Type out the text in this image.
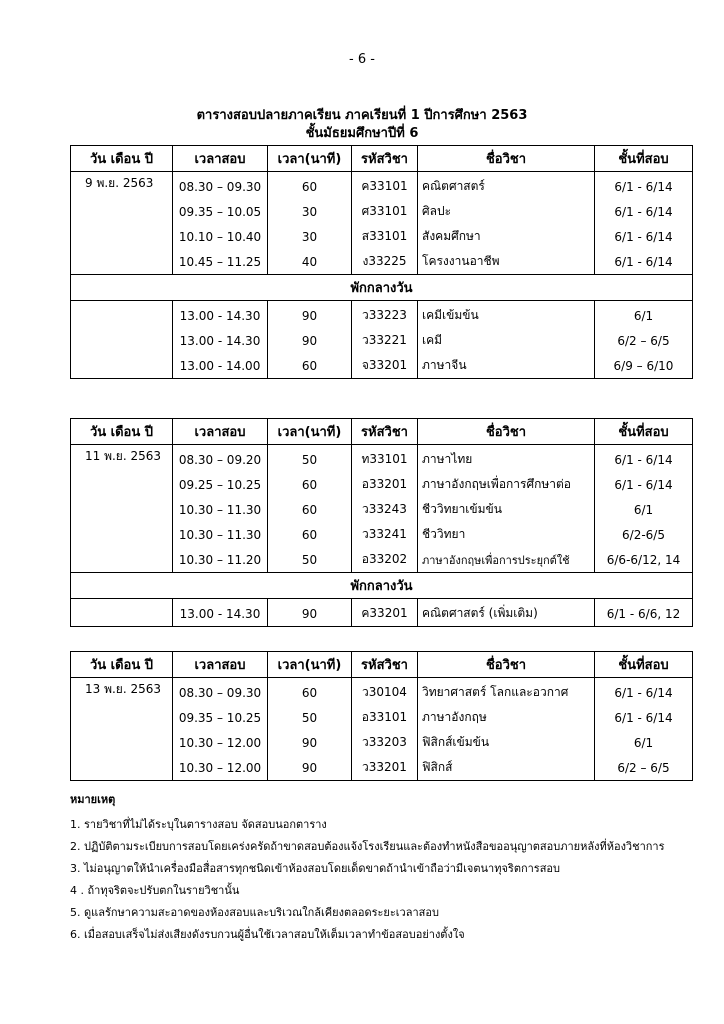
- 6 -
ตารางสอบปลายภาคเรียน ภาคเรียนที่ 1 ปีการศึกษา 2563
ชั้นมัธยมศึกษาปีที่ 6
วัน เดือน ปี	เวลาสอบ	เวลา(นาที)	รหัสวิชา	ชื่อวิชา	ชั้นที่สอบ
9 พ.ย. 2563	08.30 – 09.30	60	ค33101	คณิตศาสตร์	6/1 - 6/14
	09.35 – 10.05	30	ศ33101	ศิลปะ	6/1 - 6/14
	10.10 – 10.40	30	ส33101	สังคมศึกษา	6/1 - 6/14
	10.45 – 11.25	40	ง33225	โครงงานอาชีพ	6/1 - 6/14
พักกลางวัน					
	13.00 - 14.30	90	ว33223	เคมีเข้มข้น	6/1
	13.00 - 14.30	90	ว33221	เคมี	6/2 – 6/5
	13.00 - 14.00	60	จ33201	ภาษาจีน	6/9 – 6/10
วัน เดือน ปี	เวลาสอบ	เวลา(นาที)	รหัสวิชา	ชื่อวิชา	ชั้นที่สอบ
11 พ.ย. 2563	08.30 – 09.20	50	ท33101	ภาษาไทย	6/1 - 6/14
	09.25 – 10.25	60	อ33201	ภาษาอังกฤษเพื่อการศึกษาต่อ	6/1 - 6/14
	10.30 – 11.30	60	ว33243	ชีววิทยาเข้มข้น	6/1
	10.30 – 11.30	60	ว33241	ชีววิทยา	6/2-6/5
	10.30 – 11.20	50	อ33202	ภาษาอังกฤษเพื่อการประยุกต์ใช้	6/6-6/12, 14
พักกลางวัน					
	13.00 - 14.30	90	ค33201	คณิตศาสตร์ (เพิ่มเติม)	6/1 - 6/6, 12
วัน เดือน ปี	เวลาสอบ	เวลา(นาที)	รหัสวิชา	ชื่อวิชา	ชั้นที่สอบ
13 พ.ย. 2563	08.30 – 09.30	60	ว30104	วิทยาศาสตร์ โลกและอวกาศ	6/1 - 6/14
	09.35 – 10.25	50	อ33101	ภาษาอังกฤษ	6/1 - 6/14
	10.30 – 12.00	90	ว33203	ฟิสิกส์เข้มข้น	6/1
	10.30 – 12.00	90	ว33201	ฟิสิกส์	6/2 – 6/5
หมายเหตุ
1. รายวิชาที่ไม่ได้ระบุในตารางสอบ จัดสอบนอกตาราง
2. ปฏิบัติตามระเบียบการสอบโดยเคร่งครัดถ้าขาดสอบต้องแจ้งโรงเรียนและต้องทำหนังสือขออนุญาตสอบภายหลังที่ห้องวิชาการ
3. ไม่อนุญาตให้นำเครื่องมือสื่อสารทุกชนิดเข้าห้องสอบโดยเด็ดขาดถ้านำเข้าถือว่ามีเจตนาทุจริตการสอบ
4 . ถ้าทุจริตจะปรับตกในรายวิชานั้น
5. ดูแลรักษาความสะอาดของห้องสอบและบริเวณใกล้เคียงตลอดระยะเวลาสอบ
6. เมื่อสอบเสร็จไม่ส่งเสียงดังรบกวนผู้อื่นใช้เวลาสอบให้เต็มเวลาทำข้อสอบอย่างตั้งใจ
